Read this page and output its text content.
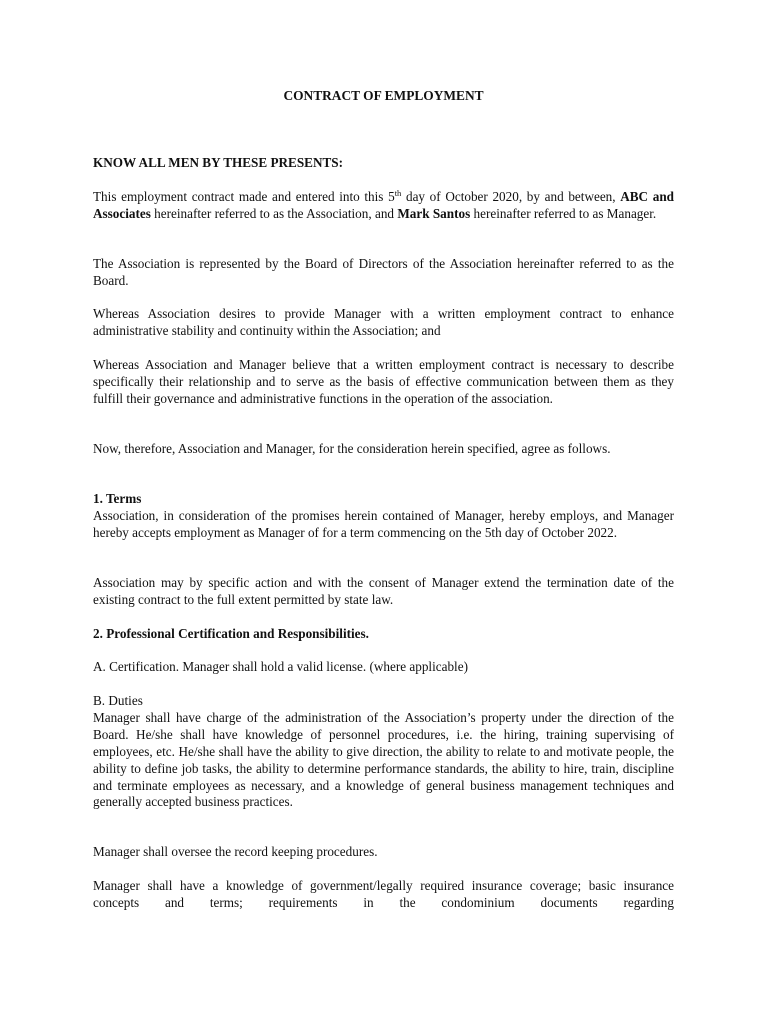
CONTRACT OF EMPLOYMENT

KNOW ALL MEN BY THESE PRESENTS:

This employment contract made and entered into this 5th day of October 2020, by and between, ABC and Associates hereinafter referred to as the Association, and Mark Santos hereinafter referred to as Manager.

The Association is represented by the Board of Directors of the Association hereinafter referred to as the Board.

Whereas Association desires to provide Manager with a written employment contract to enhance administrative stability and continuity within the Association; and

Whereas Association and Manager believe that a written employment contract is necessary to describe specifically their relationship and to serve as the basis of effective communication between them as they fulfill their governance and administrative functions in the operation of the association.

Now, therefore, Association and Manager, for the consideration herein specified, agree as follows.

1. Terms
Association, in consideration of the promises herein contained of Manager, hereby employs, and Manager hereby accepts employment as Manager of for a term commencing on the 5th day of October 2022.

Association may by specific action and with the consent of Manager extend the termination date of the existing contract to the full extent permitted by state law.

2. Professional Certification and Responsibilities.

A. Certification. Manager shall hold a valid license. (where applicable)

B. Duties
Manager shall have charge of the administration of the Association’s property under the direction of the Board. He/she shall have knowledge of personnel procedures, i.e. the hiring, training supervising of employees, etc. He/she shall have the ability to give direction, the ability to relate to and motivate people, the ability to define job tasks, the ability to determine performance standards, the ability to hire, train, discipline and terminate employees as necessary, and a knowledge of general business management techniques and generally accepted business practices.

Manager shall oversee the record keeping procedures.

Manager shall have a knowledge of government/legally required insurance coverage; basic insurance concepts and terms; requirements in the condominium documents regarding
